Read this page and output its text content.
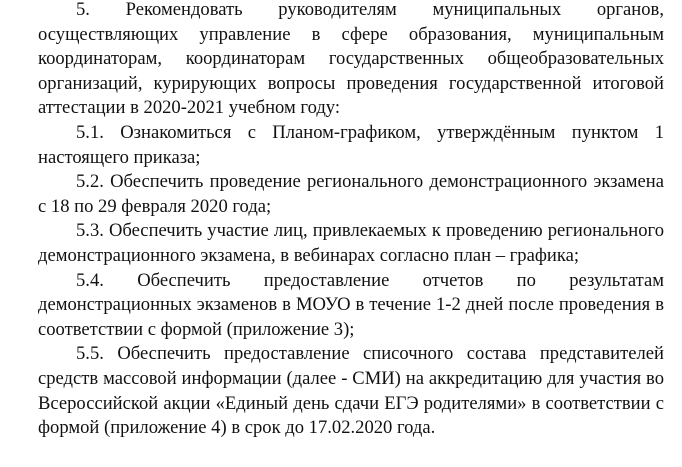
5. Рекомендовать руководителям муниципальных органов, осуществляющих управление в сфере образования, муниципальным координаторам, координаторам государственных общеобразовательных организаций, курирующих вопросы проведения государственной итоговой аттестации в 2020-2021 учебном году:

5.1. Ознакомиться с Планом-графиком, утверждённым пунктом 1 настоящего приказа;

5.2. Обеспечить проведение регионального демонстрационного экзамена с 18 по 29 февраля 2020 года;

5.3. Обеспечить участие лиц, привлекаемых к проведению регионального демонстрационного экзамена, в вебинарах согласно план – графика;

5.4. Обеспечить предоставление отчетов по результатам демонстрационных экзаменов в МОУО в течение 1-2 дней после проведения в соответствии с формой (приложение 3);

5.5. Обеспечить предоставление списочного состава представителей средств массовой информации (далее - СМИ) на аккредитацию для участия во Всероссийской акции «Единый день сдачи ЕГЭ родителями» в соответствии с формой (приложение 4) в срок до 17.02.2020 года.
